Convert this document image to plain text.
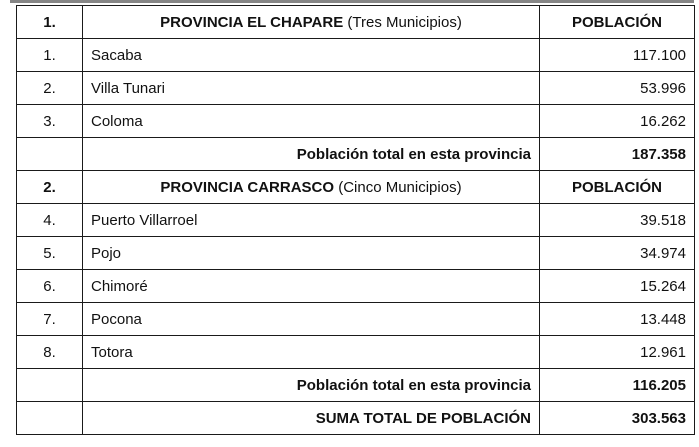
1.	PROVINCIA EL CHAPARE (Tres Municipios)	POBLACIÓN
1.	Sacaba	117.100
2.	Villa Tunari	53.996
3.	Coloma	16.262
	Población total en esta provincia	187.358
2.	PROVINCIA CARRASCO (Cinco Municipios)	POBLACIÓN
4.	Puerto Villarroel	39.518
5.	Pojo	34.974
6.	Chimoré	15.264
7.	Pocona	13.448
8.	Totora	12.961
	Población total en esta provincia	116.205
	SUMA TOTAL DE POBLACIÓN	303.563
